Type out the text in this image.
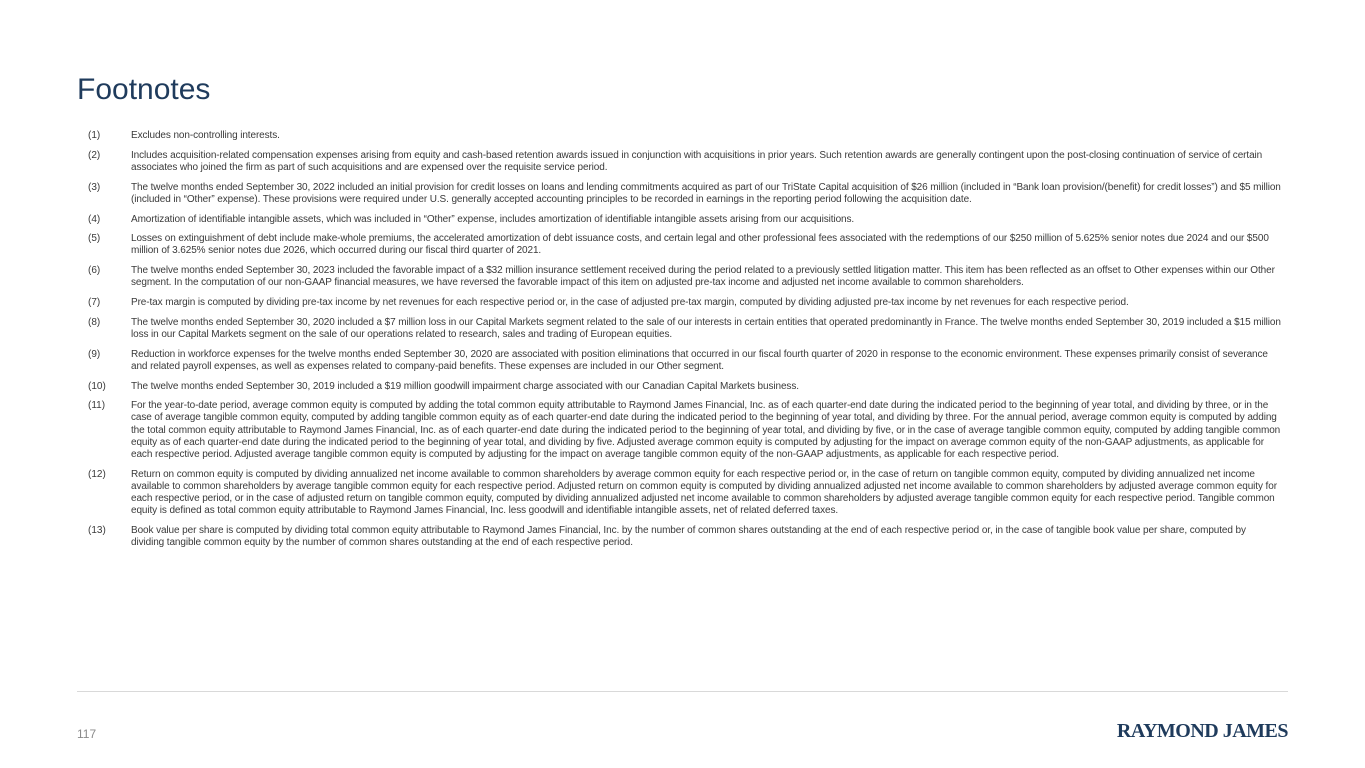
Footnotes
(1)	Excludes non-controlling interests.
(2)	Includes acquisition-related compensation expenses arising from equity and cash-based retention awards issued in conjunction with acquisitions in prior years. Such retention awards are generally contingent upon the post-closing continuation of service of certain associates who joined the firm as part of such acquisitions and are expensed over the requisite service period.
(3)	The twelve months ended September 30, 2022 included an initial provision for credit losses on loans and lending commitments acquired as part of our TriState Capital acquisition of $26 million (included in “Bank loan provision/(benefit) for credit losses”) and $5 million (included in “Other” expense). These provisions were required under U.S. generally accepted accounting principles to be recorded in earnings in the reporting period following the acquisition date.
(4)	Amortization of identifiable intangible assets, which was included in “Other” expense, includes amortization of identifiable intangible assets arising from our acquisitions.
(5)	Losses on extinguishment of debt include make-whole premiums, the accelerated amortization of debt issuance costs, and certain legal and other professional fees associated with the redemptions of our $250 million of 5.625% senior notes due 2024 and our $500 million of 3.625% senior notes due 2026, which occurred during our fiscal third quarter of 2021.
(6)	The twelve months ended September 30, 2023 included the favorable impact of a $32 million insurance settlement received during the period related to a previously settled litigation matter. This item has been reflected as an offset to Other expenses within our Other segment. In the computation of our non-GAAP financial measures, we have reversed the favorable impact of this item on adjusted pre-tax income and adjusted net income available to common shareholders.
(7)	Pre-tax margin is computed by dividing pre-tax income by net revenues for each respective period or, in the case of adjusted pre-tax margin, computed by dividing adjusted pre-tax income by net revenues for each respective period.
(8)	The twelve months ended September 30, 2020 included a $7 million loss in our Capital Markets segment related to the sale of our interests in certain entities that operated predominantly in France. The twelve months ended September 30, 2019 included a $15 million loss in our Capital Markets segment on the sale of our operations related to research, sales and trading of European equities.
(9)	Reduction in workforce expenses for the twelve months ended September 30, 2020 are associated with position eliminations that occurred in our fiscal fourth quarter of 2020 in response to the economic environment. These expenses primarily consist of severance and related payroll expenses, as well as expenses related to company-paid benefits. These expenses are included in our Other segment.
(10)	The twelve months ended September 30, 2019 included a $19 million goodwill impairment charge associated with our Canadian Capital Markets business.
(11)	For the year-to-date period, average common equity is computed by adding the total common equity attributable to Raymond James Financial, Inc. as of each quarter-end date during the indicated period to the beginning of year total, and dividing by three, or in the case of average tangible common equity, computed by adding tangible common equity as of each quarter-end date during the indicated period to the beginning of year total, and dividing by three. For the annual period, average common equity is computed by adding the total common equity attributable to Raymond James Financial, Inc. as of each quarter-end date during the indicated period to the beginning of year total, and dividing by five, or in the case of average tangible common equity, computed by adding tangible common equity as of each quarter-end date during the indicated period to the beginning of year total, and dividing by five. Adjusted average common equity is computed by adjusting for the impact on average common equity of the non-GAAP adjustments, as applicable for each respective period. Adjusted average tangible common equity is computed by adjusting for the impact on average tangible common equity of the non-GAAP adjustments, as applicable for each respective period.
(12)	Return on common equity is computed by dividing annualized net income available to common shareholders by average common equity for each respective period or, in the case of return on tangible common equity, computed by dividing annualized net income available to common shareholders by average tangible common equity for each respective period. Adjusted return on common equity is computed by dividing annualized adjusted net income available to common shareholders by adjusted average common equity for each respective period, or in the case of adjusted return on tangible common equity, computed by dividing annualized adjusted net income available to common shareholders by adjusted average tangible common equity for each respective period. Tangible common equity is defined as total common equity attributable to Raymond James Financial, Inc. less goodwill and identifiable intangible assets, net of related deferred taxes.
(13)	Book value per share is computed by dividing total common equity attributable to Raymond James Financial, Inc. by the number of common shares outstanding at the end of each respective period or, in the case of tangible book value per share, computed by dividing tangible common equity by the number of common shares outstanding at the end of each respective period.
117	RAYMOND JAMES
